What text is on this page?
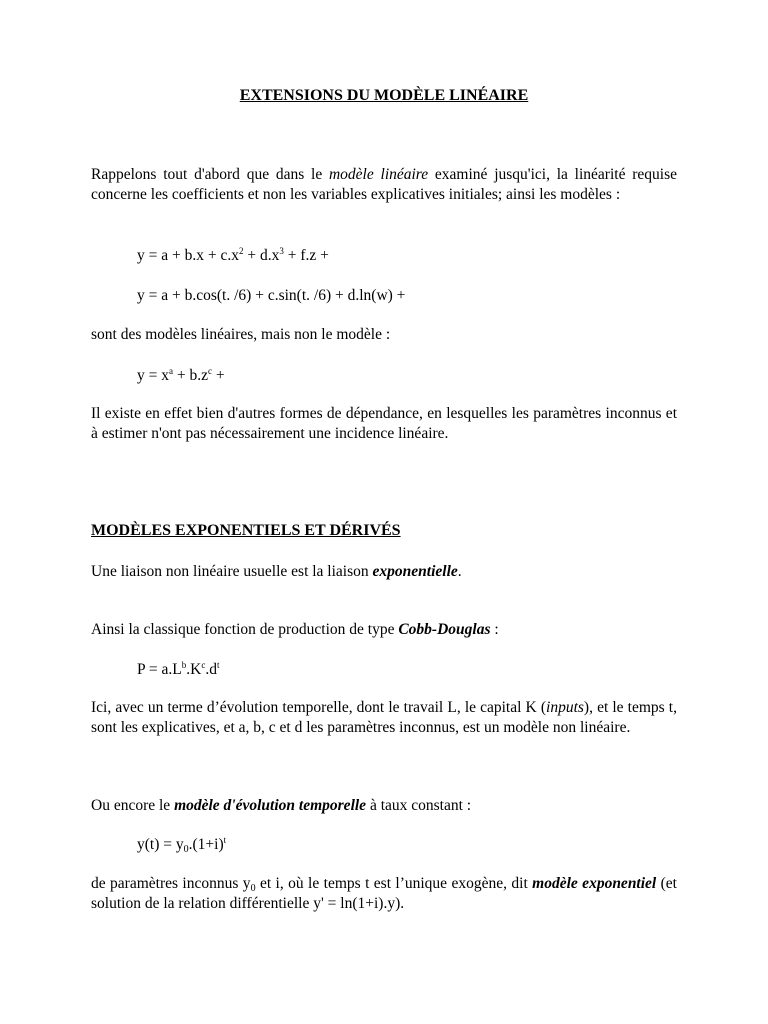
EXTENSIONS DU MODÈLE LINÉAIRE

Rappelons tout d'abord que dans le modèle linéaire examiné jusqu'ici, la linéarité requise concerne les coefficients et non les variables explicatives initiales; ainsi les modèles :

$y = a + b.x + c.x^2 + d.x^3 + f.z$ +
y = a + b.cos(t. /6) + c.sin(t. /6) + d.ln(w) +
sont des modèles linéaires, mais non le modèle :
$y = x^a + b.z^c$ +

Il existe en effet bien d'autres formes de dépendance, en lesquelles les paramètres inconnus et à estimer n'ont pas nécessairement une incidence linéaire.

MODÈLES EXPONENTIELS ET DÉRIVÉS
Une liaison non linéaire usuelle est la liaison exponentielle.
Ainsi la classique fonction de production de type Cobb-Douglas :
$P = a.L^b.K^c.d^t$

Ici, avec un terme d’évolution temporelle, dont le travail L, le capital K (inputs), et le temps t, sont les explicatives, et a, b, c et d les paramètres inconnus, est un modèle non linéaire.

Ou encore le modèle d'évolution temporelle à taux constant :
$y(t) = y_0.(1+i)^t$

de paramètres inconnus $y_0$ et i, où le temps t est l’unique exogène, dit modèle exponentiel (et solution de la relation différentielle y' = ln(1+i).y).
